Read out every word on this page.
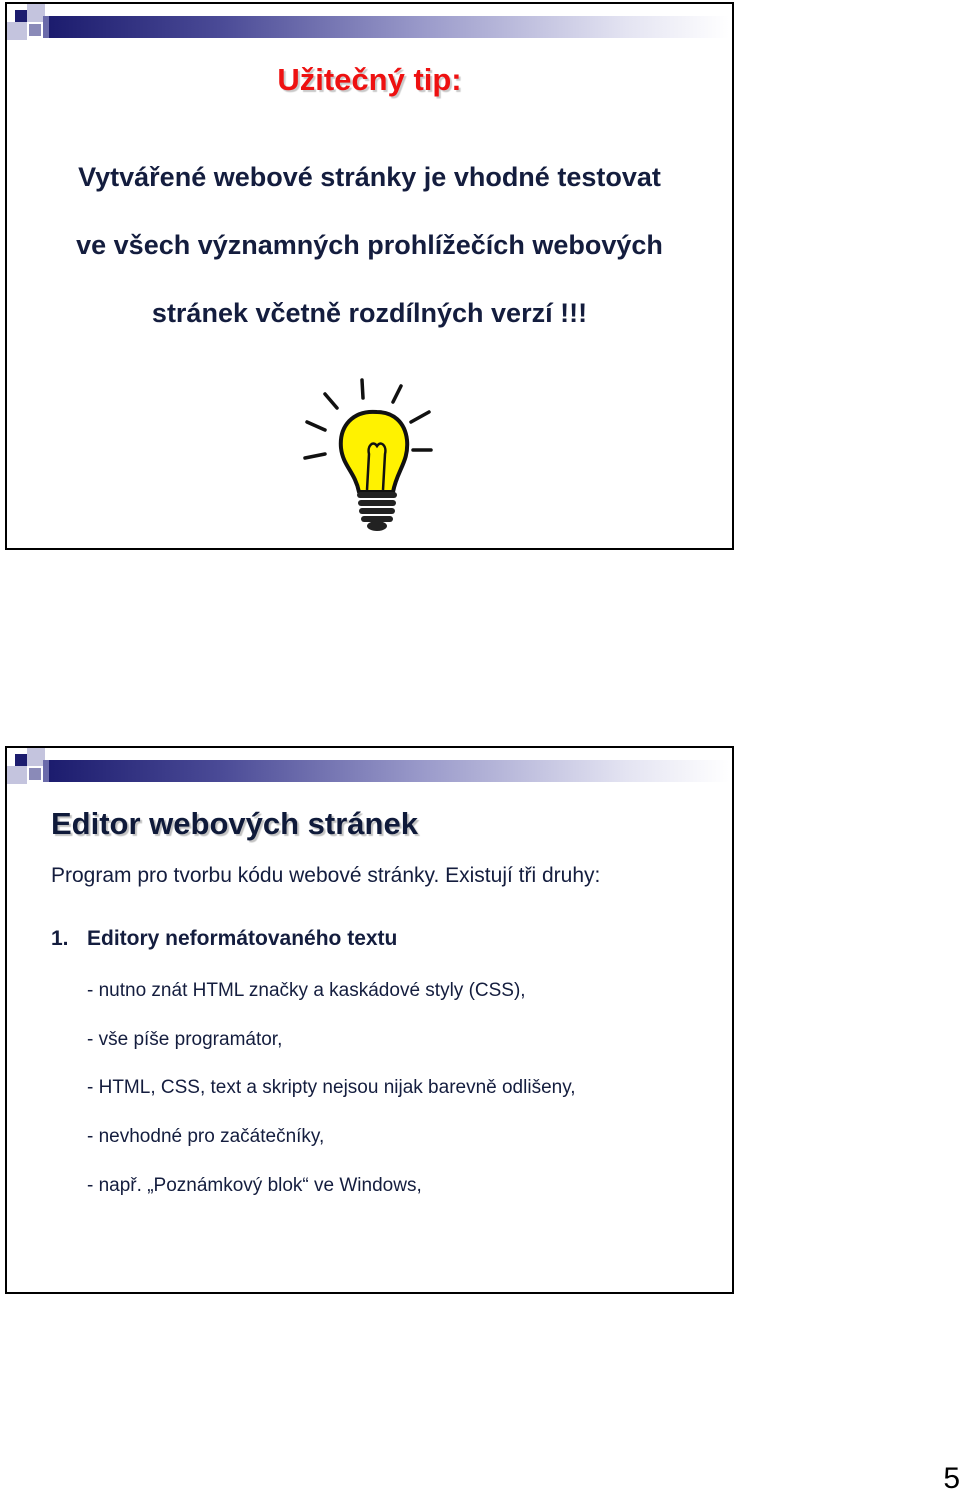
Užitečný tip:
Vytvářené webové stránky je vhodné testovat
ve všech významných prohlížečích webových
stránek včetně rozdílných verzí !!!
Editor webových stránek
Program pro tvorbu kódu webové stránky. Existují tři druhy:
1. Editory neformátovaného textu
- nutno znát HTML značky a kaskádové styly (CSS),
- vše píše programátor,
- HTML, CSS, text a skripty nejsou nijak barevně odlišeny,
- nevhodné pro začátečníky,
- např. „Poznámkový blok“ ve Windows,
5
